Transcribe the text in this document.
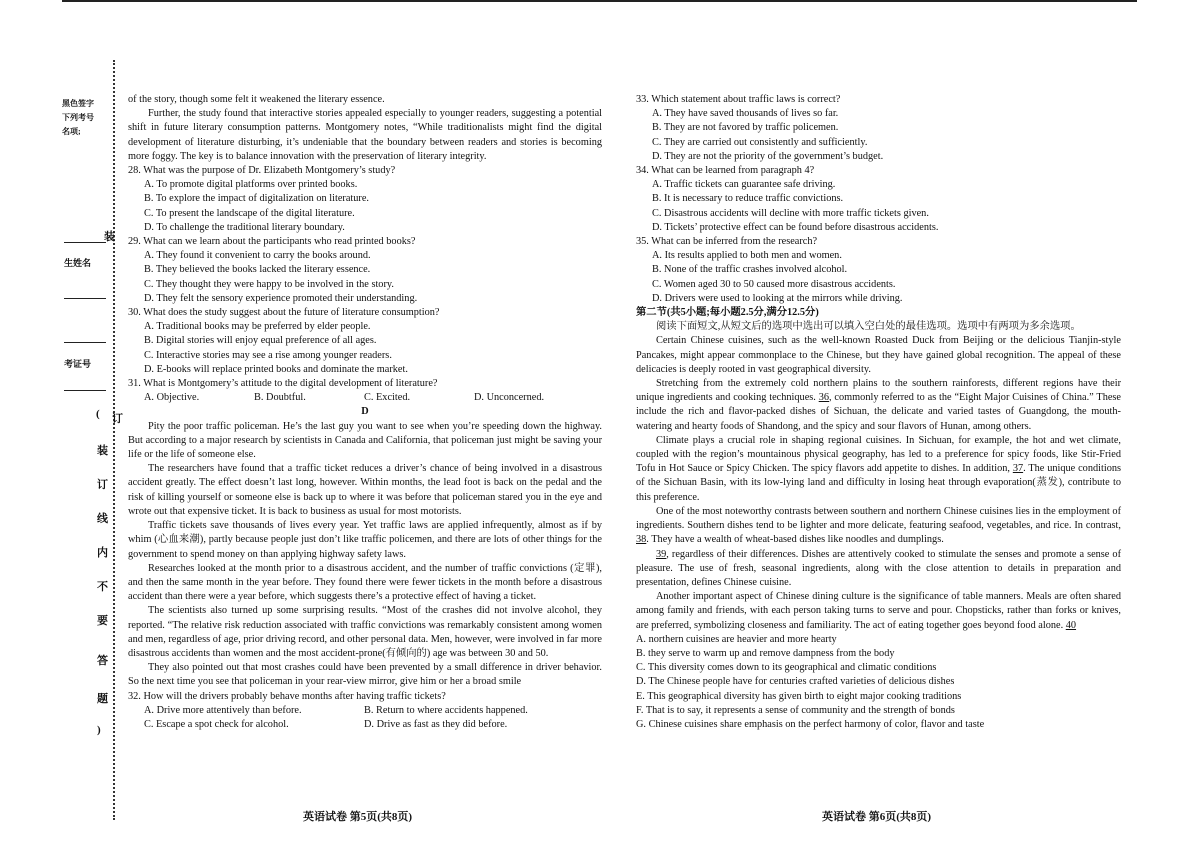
黑色签字
下列考号
名项;
生姓名
考证号
装
( 订
装
订
线
内
不
要
答
题
)

of the story, though some felt it weakened the literary essence.

Further, the study found that interactive stories appealed especially to younger readers, suggesting a potential shift in future literary consumption patterns. Montgomery notes, “While traditionalists might find the digital development of literature disturbing, it’s undeniable that the boundary between readers and stories is becoming more foggy. The key is to balance innovation with the preservation of literary integrity.

28. What was the purpose of Dr. Elizabeth Montgomery’s study?

A. To promote digital platforms over printed books.

B. To explore the impact of digitalization on literature.

C. To present the landscape of the digital literature.

D. To challenge the traditional literary boundary.

29. What can we learn about the participants who read printed books?

A. They found it convenient to carry the books around.

B. They believed the books lacked the literary essence.

C. They thought they were happy to be involved in the story.

D. They felt the sensory experience promoted their understanding.

30. What does the study suggest about the future of literature consumption?

A. Traditional books may be preferred by elder people.

B. Digital stories will enjoy equal preference of all ages.

C. Interactive stories may see a rise among younger readers.

D. E-books will replace printed books and dominate the market.

31. What is Montgomery’s attitude to the digital development of literature?

A. Objective.	B. Doubtful.	C. Excited.	D. Unconcerned.

D

Pity the poor traffic policeman. He’s the last guy you want to see when you’re speeding down the highway. But according to a major research by scientists in Canada and California, that policeman just might be saving your life or the life of someone else.

The researchers have found that a traffic ticket reduces a driver’s chance of being involved in a disastrous accident greatly. The effect doesn’t last long, however. Within months, the lead foot is back on the pedal and the risk of killing yourself or someone else is back up to where it was before that policeman stared you in the eye and wrote out that expensive ticket. It is back to business as usual for most motorists.

Traffic tickets save thousands of lives every year. Yet traffic laws are applied infrequently, almost as if by whim (心血来潮), partly because people just don’t like traffic policemen, and there are lots of other things for the government to spend money on than applying highway safety laws.

Researches looked at the month prior to a disastrous accident, and the number of traffic convictions (定罪), and then the same month in the year before. They found there were fewer tickets in the month before a disastrous accident than there were a year before, which suggests there’s a protective effect of having a ticket.

The scientists also turned up some surprising results. “Most of the crashes did not involve alcohol, they reported. “The relative risk reduction associated with traffic convictions was remarkably consistent among women and men, regardless of age, prior driving record, and other personal data. Men, however, were involved in far more disastrous accidents than women and the most accident-prone(有倾向的) age was between 30 and 50.

They also pointed out that most crashes could have been prevented by a small difference in driver behavior. So the next time you see that policeman in your rear-view mirror, give him or her a broad smile

32. How will the drivers probably behave months after having traffic tickets?

A. Drive more attentively than before.	B. Return to where accidents happened.
C. Escape a spot check for alcohol.	D. Drive as fast as they did before.

33. Which statement about traffic laws is correct?

A. They have saved thousands of lives so far.

B. They are not favored by traffic policemen.

C. They are carried out consistently and sufficiently.

D. They are not the priority of the government’s budget.

34. What can be learned from paragraph 4?

A. Traffic tickets can guarantee safe driving.

B. It is necessary to reduce traffic convictions.

C. Disastrous accidents will decline with more traffic tickets given.

D. Tickets’ protective effect can be found before disastrous accidents.

35. What can be inferred from the research?

A. Its results applied to both men and women.

B. None of the traffic crashes involved alcohol.

C. Women aged 30 to 50 caused more disastrous accidents.

D. Drivers were used to looking at the mirrors while driving.

第二节(共5小题;每小题2.5分,满分12.5分)

阅读下面短文,从短文后的选项中选出可以填入空白处的最佳选项。选项中有两项为多余选项。

Certain Chinese cuisines, such as the well-known Roasted Duck from Beijing or the delicious Tianjin-style Pancakes, might appear commonplace to the Chinese, but they have gained global recognition. The appeal of these delicacies is deeply rooted in vast geographical diversity.

Stretching from the extremely cold northern plains to the southern rainforests, different regions have their unique ingredients and cooking techniques. 36, commonly referred to as the “Eight Major Cuisines of China.” These include the rich and flavor-packed dishes of Sichuan, the delicate and varied tastes of Guangdong, the mouth-watering and hearty foods of Shandong, and the spicy and sour flavors of Hunan, among others.

Climate plays a crucial role in shaping regional cuisines. In Sichuan, for example, the hot and wet climate, coupled with the region’s mountainous physical geography, has led to a preference for spicy foods, like Stir-Fried Tofu in Hot Sauce or Spicy Chicken. The spicy flavors add appetite to dishes. In addition, 37. The unique conditions of the Sichuan Basin, with its low-lying land and difficulty in losing heat through evaporation(蒸发), contribute to this preference.

One of the most noteworthy contrasts between southern and northern Chinese cuisines lies in the employment of ingredients. Southern dishes tend to be lighter and more delicate, featuring seafood, vegetables, and rice. In contrast, 38. They have a wealth of wheat-based dishes like noodles and dumplings.

39, regardless of their differences. Dishes are attentively cooked to stimulate the senses and promote a sense of pleasure. The use of fresh, seasonal ingredients, along with the close attention to details in preparation and presentation, defines Chinese cuisine.

Another important aspect of Chinese dining culture is the significance of table manners. Meals are often shared among family and friends, with each person taking turns to serve and pour. Chopsticks, rather than forks or knives, are preferred, symbolizing closeness and familiarity. The act of eating together goes beyond food alone. 40

A. northern cuisines are heavier and more hearty

B. they serve to warm up and remove dampness from the body

C. This diversity comes down to its geographical and climatic conditions

D. The Chinese people have for centuries crafted varieties of delicious dishes

E. This geographical diversity has given birth to eight major cooking traditions

F. That is to say, it represents a sense of community and the strength of bonds

G. Chinese cuisines share emphasis on the perfect harmony of color, flavor and taste

英语试卷 第5页(共8页)	英语试卷 第6页(共8页)
